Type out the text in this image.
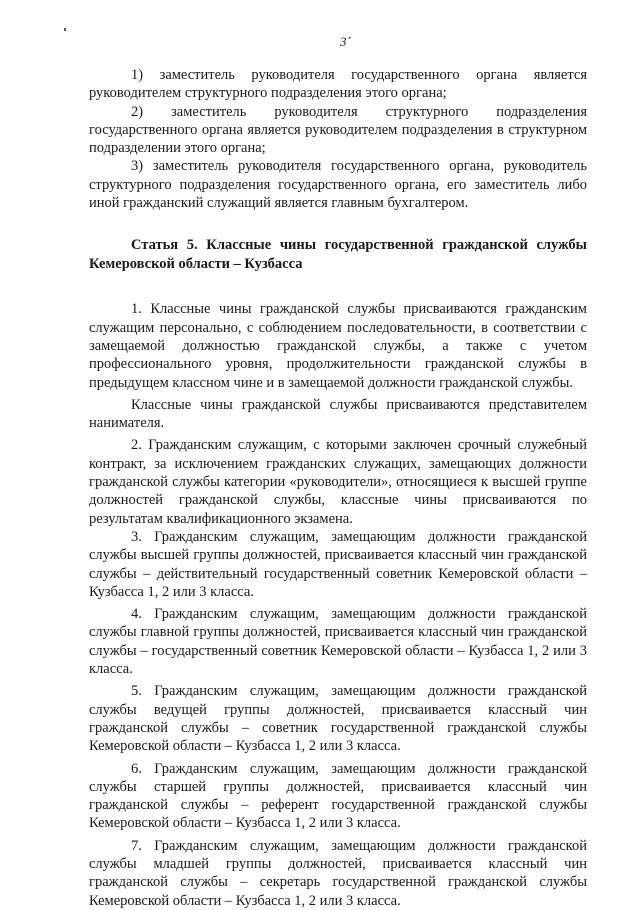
3´

1) заместитель руководителя государственного органа является руководителем структурного подразделения этого органа;

2) заместитель руководителя структурного подразделения государственного органа является руководителем подразделения в структурном подразделении этого органа;

3) заместитель руководителя государственного органа, руководитель структурного подразделения государственного органа, его заместитель либо иной гражданский служащий является главным бухгалтером.

Статья 5. Классные чины государственной гражданской службы Кемеровской области – Кузбасса

1. Классные чины гражданской службы присваиваются гражданским служащим персонально, с соблюдением последовательности, в соответствии с замещаемой должностью гражданской службы, а также с учетом профессионального уровня, продолжительности гражданской службы в предыдущем классном чине и в замещаемой должности гражданской службы.

Классные чины гражданской службы присваиваются представителем нанимателя.

2. Гражданским служащим, с которыми заключен срочный служебный контракт, за исключением гражданских служащих, замещающих должности гражданской службы категории «руководители», относящиеся к высшей группе должностей гражданской службы, классные чины присваиваются по результатам квалификационного экзамена.

3. Гражданским служащим, замещающим должности гражданской службы высшей группы должностей, присваивается классный чин гражданской службы – действительный государственный советник Кемеровской области – Кузбасса 1, 2 или 3 класса.

4. Гражданским служащим, замещающим должности гражданской службы главной группы должностей, присваивается классный чин гражданской службы – государственный советник Кемеровской области – Кузбасса 1, 2 или 3 класса.

5. Гражданским служащим, замещающим должности гражданской службы ведущей группы должностей, присваивается классный чин гражданской службы – советник государственной гражданской службы Кемеровской области – Кузбасса 1, 2 или 3 класса.

6. Гражданским служащим, замещающим должности гражданской службы старшей группы должностей, присваивается классный чин гражданской службы – референт государственной гражданской службы Кемеровской области – Кузбасса 1, 2 или 3 класса.

7. Гражданским служащим, замещающим должности гражданской службы младшей группы должностей, присваивается классный чин гражданской службы – секретарь государственной гражданской службы Кемеровской области – Кузбасса 1, 2 или 3 класса.
